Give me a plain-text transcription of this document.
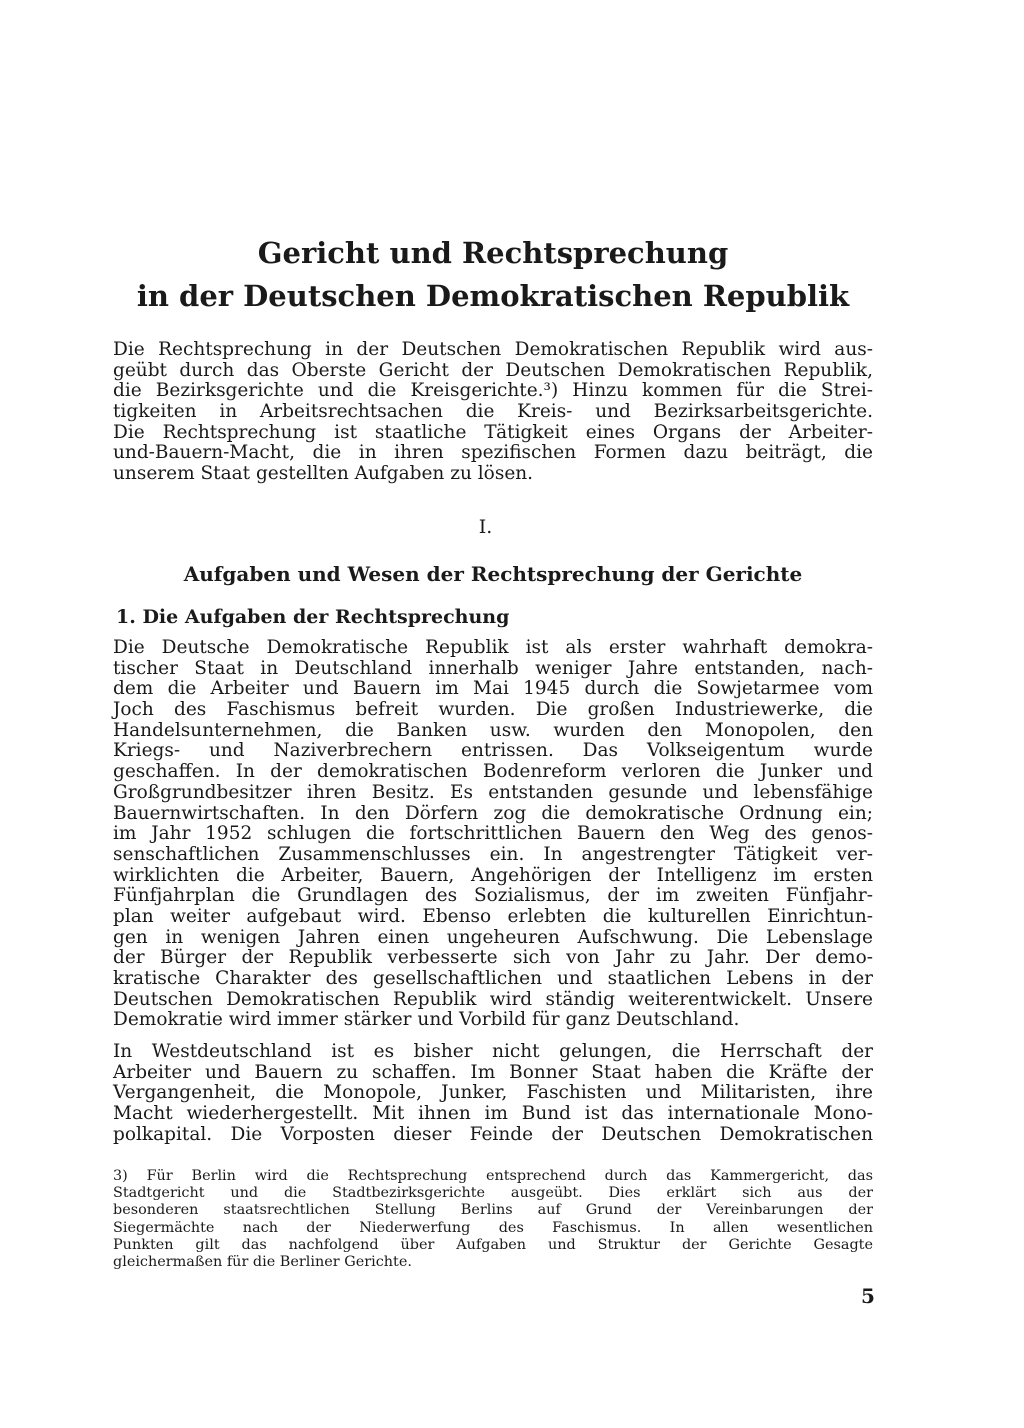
Gericht und Rechtsprechung
in der Deutschen Demokratischen Republik
Die Rechtsprechung in der Deutschen Demokratischen Republik wird aus-
geübt durch das Oberste Gericht der Deutschen Demokratischen Republik,
die Bezirksgerichte und die Kreisgerichte.³) Hinzu kommen für die Strei-
tigkeiten in Arbeitsrechtsachen die Kreis- und Bezirksarbeitsgerichte.
Die Rechtsprechung ist staatliche Tätigkeit eines Organs der Arbeiter-
und-Bauern-Macht, die in ihren spezifischen Formen dazu beiträgt, die
unserem Staat gestellten Aufgaben zu lösen.

I.

Aufgaben und Wesen der Rechtsprechung der Gerichte
1. Die Aufgaben der Rechtsprechung
Die Deutsche Demokratische Republik ist als erster wahrhaft demokra-
tischer Staat in Deutschland innerhalb weniger Jahre entstanden, nach-
dem die Arbeiter und Bauern im Mai 1945 durch die Sowjetarmee vom
Joch des Faschismus befreit wurden. Die großen Industriewerke, die
Handelsunternehmen, die Banken usw. wurden den Monopolen, den
Kriegs- und Naziverbrechern entrissen. Das Volkseigentum wurde
geschaffen. In der demokratischen Bodenreform verloren die Junker und
Großgrundbesitzer ihren Besitz. Es entstanden gesunde und lebensfähige
Bauernwirtschaften. In den Dörfern zog die demokratische Ordnung ein;
im Jahr 1952 schlugen die fortschrittlichen Bauern den Weg des genos-
senschaftlichen Zusammenschlusses ein. In angestrengter Tätigkeit ver-
wirklichten die Arbeiter, Bauern, Angehörigen der Intelligenz im ersten
Fünfjahrplan die Grundlagen des Sozialismus, der im zweiten Fünfjahr-
plan weiter aufgebaut wird. Ebenso erlebten die kulturellen Einrichtun-
gen in wenigen Jahren einen ungeheuren Aufschwung. Die Lebenslage
der Bürger der Republik verbesserte sich von Jahr zu Jahr. Der demo-
kratische Charakter des gesellschaftlichen und staatlichen Lebens in der
Deutschen Demokratischen Republik wird ständig weiterentwickelt. Unsere
Demokratie wird immer stärker und Vorbild für ganz Deutschland.
In Westdeutschland ist es bisher nicht gelungen, die Herrschaft der
Arbeiter und Bauern zu schaffen. Im Bonner Staat haben die Kräfte der
Vergangenheit, die Monopole, Junker, Faschisten und Militaristen, ihre
Macht wiederhergestellt. Mit ihnen im Bund ist das internationale Mono-
polkapital. Die Vorposten dieser Feinde der Deutschen Demokratischen
3) Für Berlin wird die Rechtsprechung entsprechend durch das Kammergericht, das
Stadtgericht und die Stadtbezirksgerichte ausgeübt. Dies erklärt sich aus der
besonderen staatsrechtlichen Stellung Berlins auf Grund der Vereinbarungen der
Siegermächte nach der Niederwerfung des Faschismus. In allen wesentlichen
Punkten gilt das nachfolgend über Aufgaben und Struktur der Gerichte Gesagte
gleichermaßen für die Berliner Gerichte.

5
